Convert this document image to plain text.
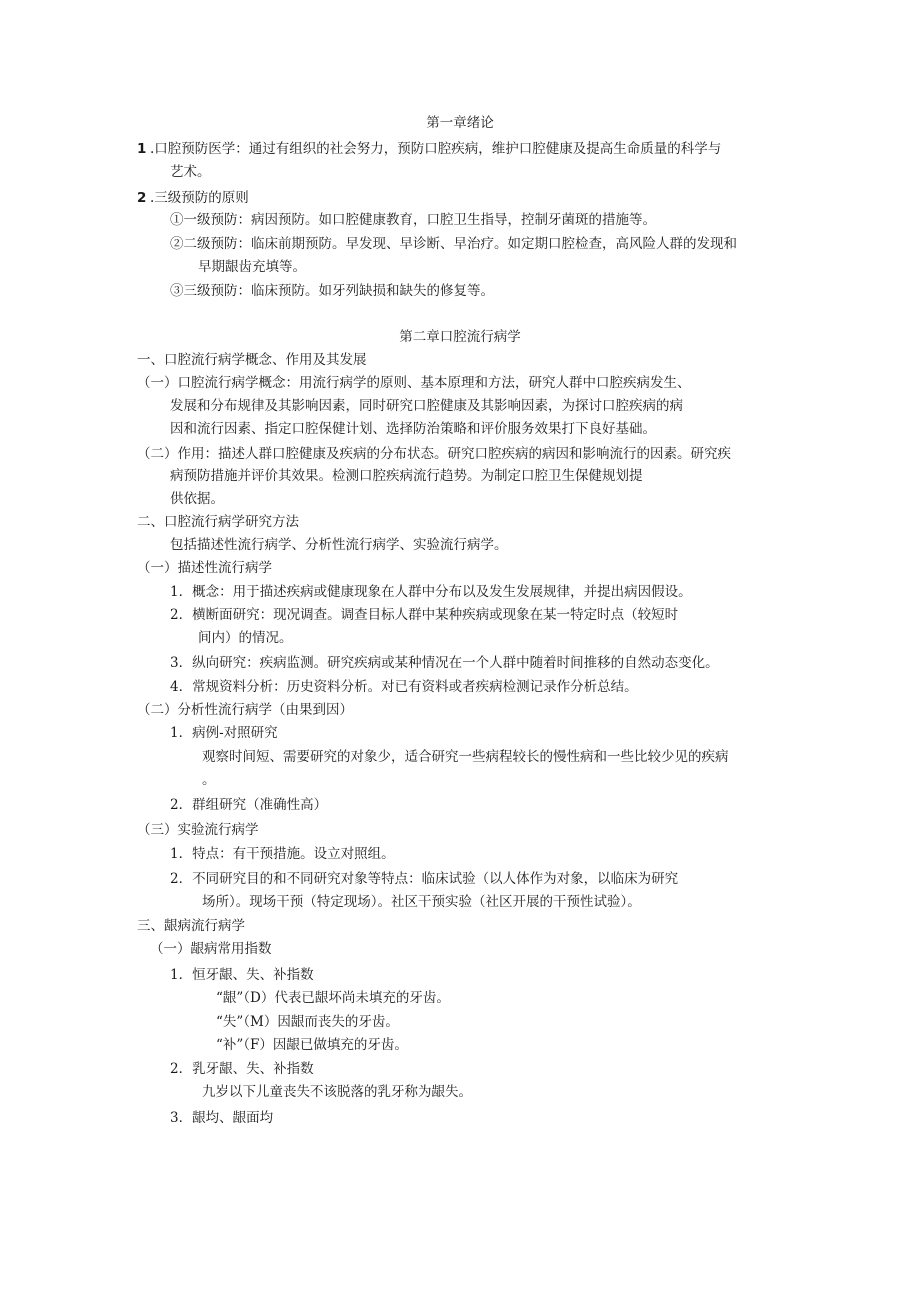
第一章绪论
1 .口腔预防医学：通过有组织的社会努力，预防口腔疾病，维护口腔健康及提高生命质量的科学与
艺术。
2 .三级预防的原则
①一级预防：病因预防。如口腔健康教育，口腔卫生指导，控制牙菌斑的措施等。
②二级预防：临床前期预防。早发现、早诊断、早治疗。如定期口腔检查，高风险人群的发现和
早期龈齿充填等。
③三级预防：临床预防。如牙列缺损和缺失的修复等。
第二章口腔流行病学
一、口腔流行病学概念、作用及其发展
（一）口腔流行病学概念：用流行病学的原则、基本原理和方法，研究人群中口腔疾病发生、
发展和分布规律及其影响因素，同时研究口腔健康及其影响因素，为探讨口腔疾病的病
因和流行因素、指定口腔保健计划、选择防治策略和评价服务效果打下良好基础。
（二）作用：描述人群口腔健康及疾病的分布状态。研究口腔疾病的病因和影响流行的因素。研究疾
病预防措施并评价其效果。检测口腔疾病流行趋势。为制定口腔卫生保健规划提
供依据。
二、口腔流行病学研究方法
包括描述性流行病学、分析性流行病学、实验流行病学。
（一）描述性流行病学
1．概念：用于描述疾病或健康现象在人群中分布以及发生发展规律，并提出病因假设。
2．横断面研究：现况调查。调查目标人群中某种疾病或现象在某一特定时点（较短时
间内）的情况。
3．纵向研究：疾病监测。研究疾病或某种情况在一个人群中随着时间推移的自然动态变化。
4．常规资料分析：历史资料分析。对已有资料或者疾病检测记录作分析总结。
（二）分析性流行病学（由果到因）
1．病例-对照研究
观察时间短、需要研究的对象少，适合研究一些病程较长的慢性病和一些比较少见的疾病
。
2．群组研究（准确性高）
（三）实验流行病学
1．特点：有干预措施。设立对照组。
2．不同研究目的和不同研究对象等特点：临床试验（以人体作为对象，以临床为研究
场所）。现场干预（特定现场）。社区干预实验（社区开展的干预性试验）。
三、龈病流行病学
（一）龈病常用指数
1．恒牙龈、失、补指数
“龈”（D）代表已龈坏尚未填充的牙齿。
“失”（M）因龈而丧失的牙齿。
“补”（F）因龈已做填充的牙齿。
2．乳牙龈、失、补指数
九岁以下儿童丧失不该脱落的乳牙称为龈失。
3．龈均、龈面均
